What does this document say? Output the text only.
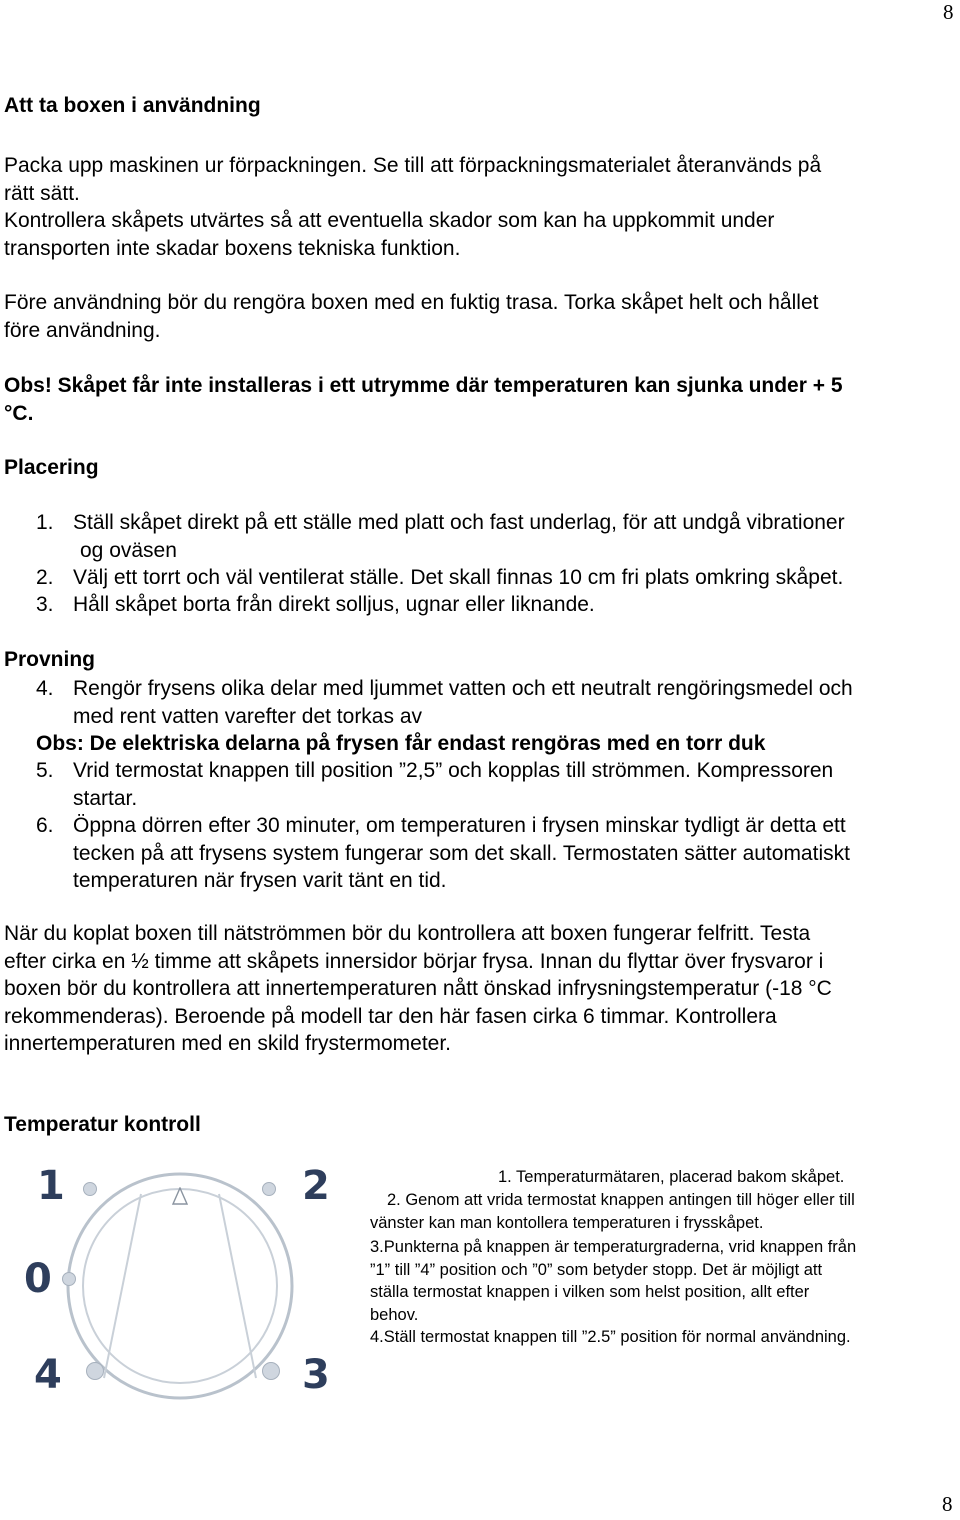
8
Att ta boxen i användning
Packa upp maskinen ur förpackningen. Se till att förpackningsmaterialet återanvänds på
rätt sätt.
Kontrollera skåpets utvärtes så att eventuella skador som kan ha uppkommit under
transporten inte skadar boxens tekniska funktion.
Före användning bör du rengöra boxen med en fuktig trasa. Torka skåpet helt och hållet
före användning.
Obs! Skåpet får inte installeras i ett utrymme där temperaturen kan sjunka under + 5
°C.
Placering
1. Ställ skåpet direkt på ett ställe med platt och fast underlag, för att undgå vibrationer
og oväsen
2. Välj ett torrt och väl ventilerat ställe. Det skall finnas 10 cm fri plats omkring skåpet.
3. Håll skåpet borta från direkt solljus, ugnar eller liknande.
Provning
4. Rengör frysens olika delar med ljummet vatten och ett neutralt rengöringsmedel och
med rent vatten varefter det torkas av
Obs: De elektriska delarna på frysen får endast rengöras med en torr duk
5. Vrid termostat knappen till position ”2,5” och kopplas till strömmen. Kompressoren
startar.
6. Öppna dörren efter 30 minuter, om temperaturen i frysen minskar tydligt är detta ett
tecken på att frysens system fungerar som det skall. Termostaten sätter automatiskt
temperaturen när frysen varit tänt en tid.
När du koplat boxen till nätströmmen bör du kontrollera att boxen fungerar felfritt. Testa
efter cirka en ½ timme att skåpets innersidor börjar frysa. Innan du flyttar över frysvaror i
boxen bör du kontrollera att innertemperaturen nått önskad infrysningstemperatur (-18 °C
rekommenderas). Beroende på modell tar den här fasen cirka 6 timmar. Kontrollera
innertemperaturen med en skild frystermometer.
Temperatur kontroll
1	2
0
4	3
1. Temperaturmätaren, placerad bakom skåpet.
2. Genom att vrida termostat knappen antingen till höger eller till
vänster kan man kontollera temperaturen i frysskåpet.
3.Punkterna på knappen är temperaturgraderna, vrid knappen från
”1” till ”4” position och ”0” som betyder stopp. Det är möjligt att
ställa termostat knappen i vilken som helst position, allt efter
behov.
4.Ställ termostat knappen till ”2.5” position för normal användning.
8
